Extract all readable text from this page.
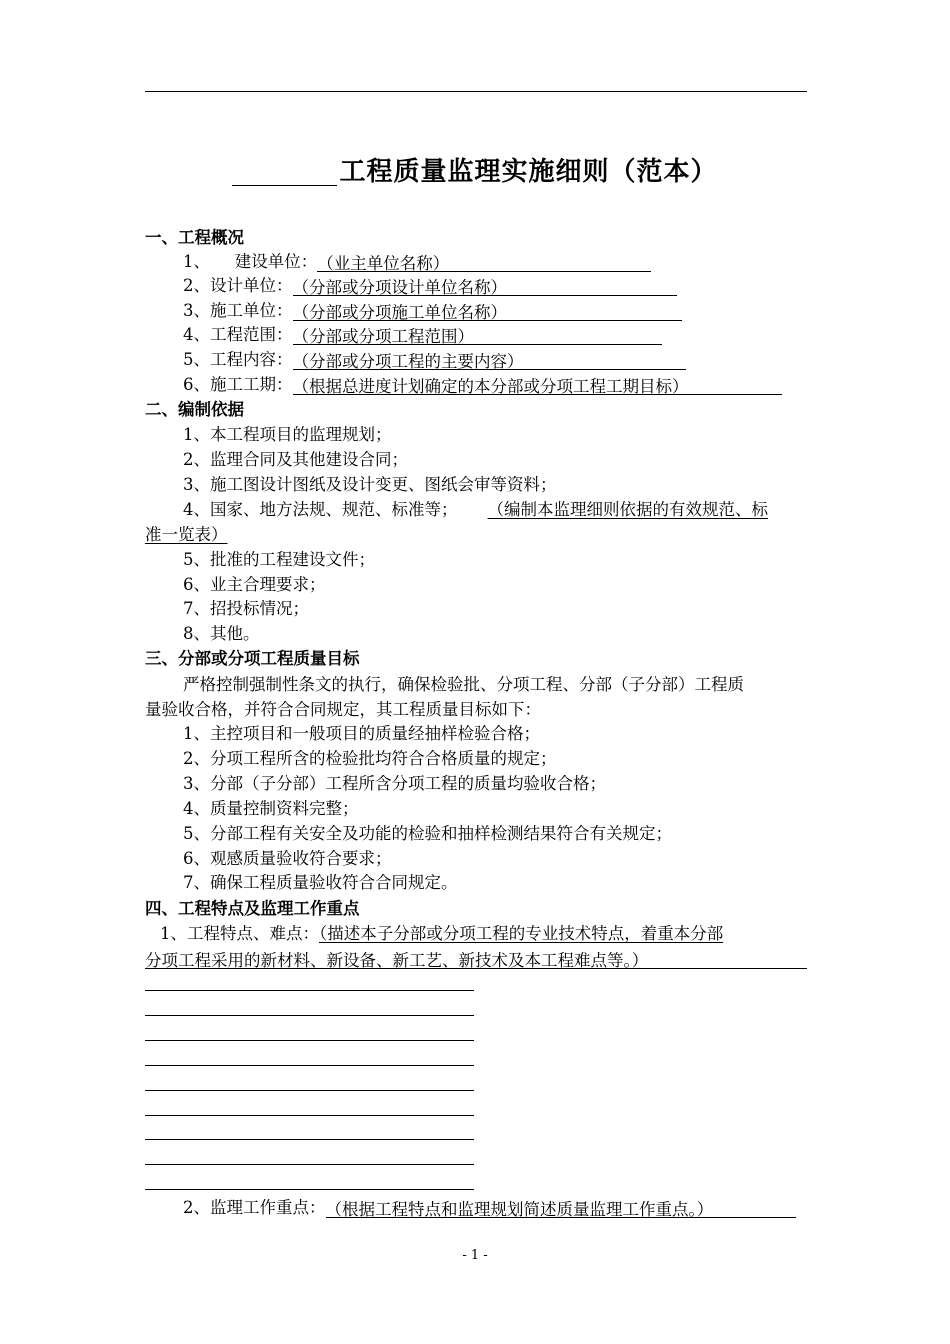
工程质量监理实施细则（范本）
一、工程概况
1、　　建设单位：（业主单位名称）
2、设计单位：（分部或分项设计单位名称）
3、施工单位：（分部或分项施工单位名称）
4、工程范围：（分部或分项工程范围）
5、工程内容：（分部或分项工程的主要内容）
6、施工工期：（根据总进度计划确定的本分部或分项工程工期目标）
二、编制依据
1、本工程项目的监理规划；
2、监理合同及其他建设合同；
3、施工图设计图纸及设计变更、图纸会审等资料；
4、国家、地方法规、规范、标准等； （编制本监理细则依据的有效规范、标
准一览表）
5、批准的工程建设文件；
6、业主合理要求；
7、招投标情况；
8、其他。
三、分部或分项工程质量目标
严格控制强制性条文的执行，确保检验批、分项工程、分部（子分部）工程质
量验收合格，并符合合同规定，其工程质量目标如下：
1、主控项目和一般项目的质量经抽样检验合格；
2、分项工程所含的检验批均符合合格质量的规定；
3、分部（子分部）工程所含分项工程的质量均验收合格；
4、质量控制资料完整；
5、分部工程有关安全及功能的检验和抽样检测结果符合有关规定；
6、观感质量验收符合要求；
7、确保工程质量验收符合合同规定。
四、工程特点及监理工作重点
1、工程特点、难点：（描述本子分部或分项工程的专业技术特点，着重本分部
分项工程采用的新材料、新设备、新工艺、新技术及本工程难点等。）
2、监理工作重点：（根据工程特点和监理规划简述质量监理工作重点。）
- 1 -
